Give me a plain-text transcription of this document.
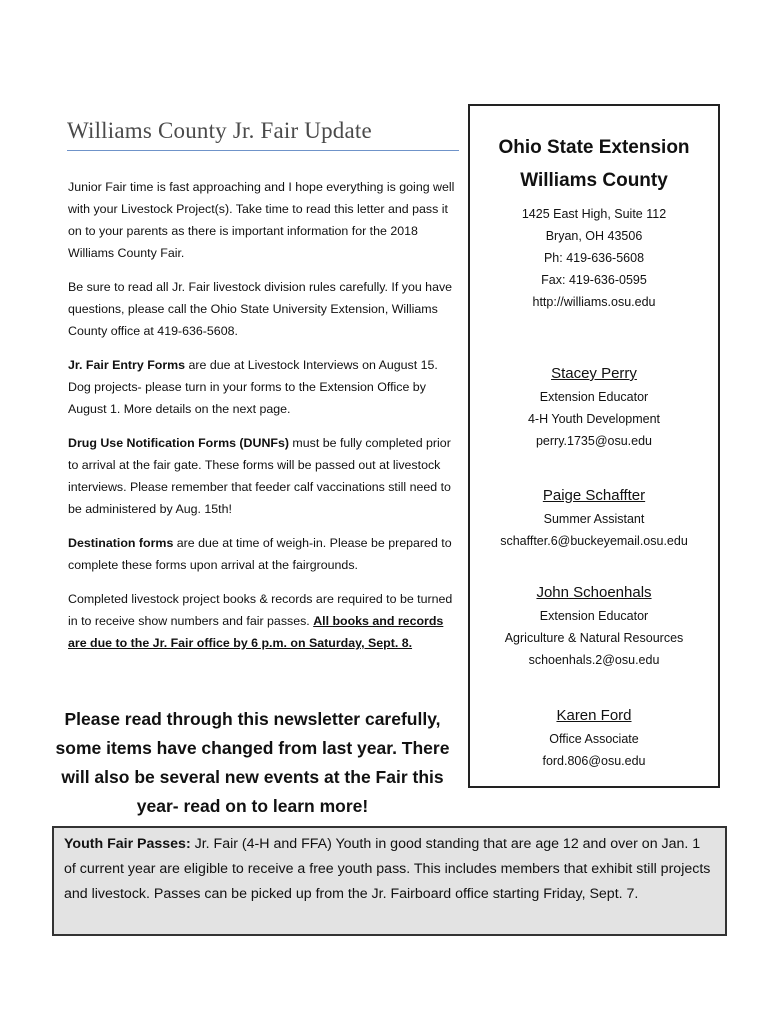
Williams County Jr. Fair Update

Junior Fair time is fast approaching and I hope everything is going well with your Livestock Project(s). Take time to read this letter and pass it on to your parents as there is important information for the 2018 Williams County Fair.

Be sure to read all Jr. Fair livestock division rules carefully. If you have questions, please call the Ohio State University Extension, Williams County office at 419-636-5608.

Jr. Fair Entry Forms are due at Livestock Interviews on August 15. Dog projects- please turn in your forms to the Extension Office by August 1. More details on the next page.

Drug Use Notification Forms (DUNFs) must be fully completed prior to arrival at the fair gate. These forms will be passed out at livestock interviews. Please remember that feeder calf vaccinations still need to be administered by Aug. 15th!

Destination forms are due at time of weigh-in. Please be prepared to complete these forms upon arrival at the fairgrounds.

Completed livestock project books & records are required to be turned in to receive show numbers and fair passes. All books and records are due to the Jr. Fair office by 6 p.m. on Saturday, Sept. 8.

Please read through this newsletter carefully, some items have changed from last year. There will also be several new events at the Fair this year- read on to learn more!
Ohio State Extension
Williams County
1425 East High, Suite 112
Bryan, OH 43506
Ph: 419-636-5608
Fax: 419-636-0595
http://williams.osu.edu
Stacey Perry
Extension Educator
4-H Youth Development
perry.1735@osu.edu
Paige Schaffter
Summer Assistant
schaffter.6@buckeyemail.osu.edu
John Schoenhals
Extension Educator
Agriculture & Natural Resources
schoenhals.2@osu.edu
Karen Ford
Office Associate
ford.806@osu.edu
Youth Fair Passes: Jr. Fair (4-H and FFA) Youth in good standing that are age 12 and over on Jan. 1 of current year are eligible to receive a free youth pass. This includes members that exhibit still projects and livestock. Passes can be picked up from the Jr. Fairboard office starting Friday, Sept. 7.
